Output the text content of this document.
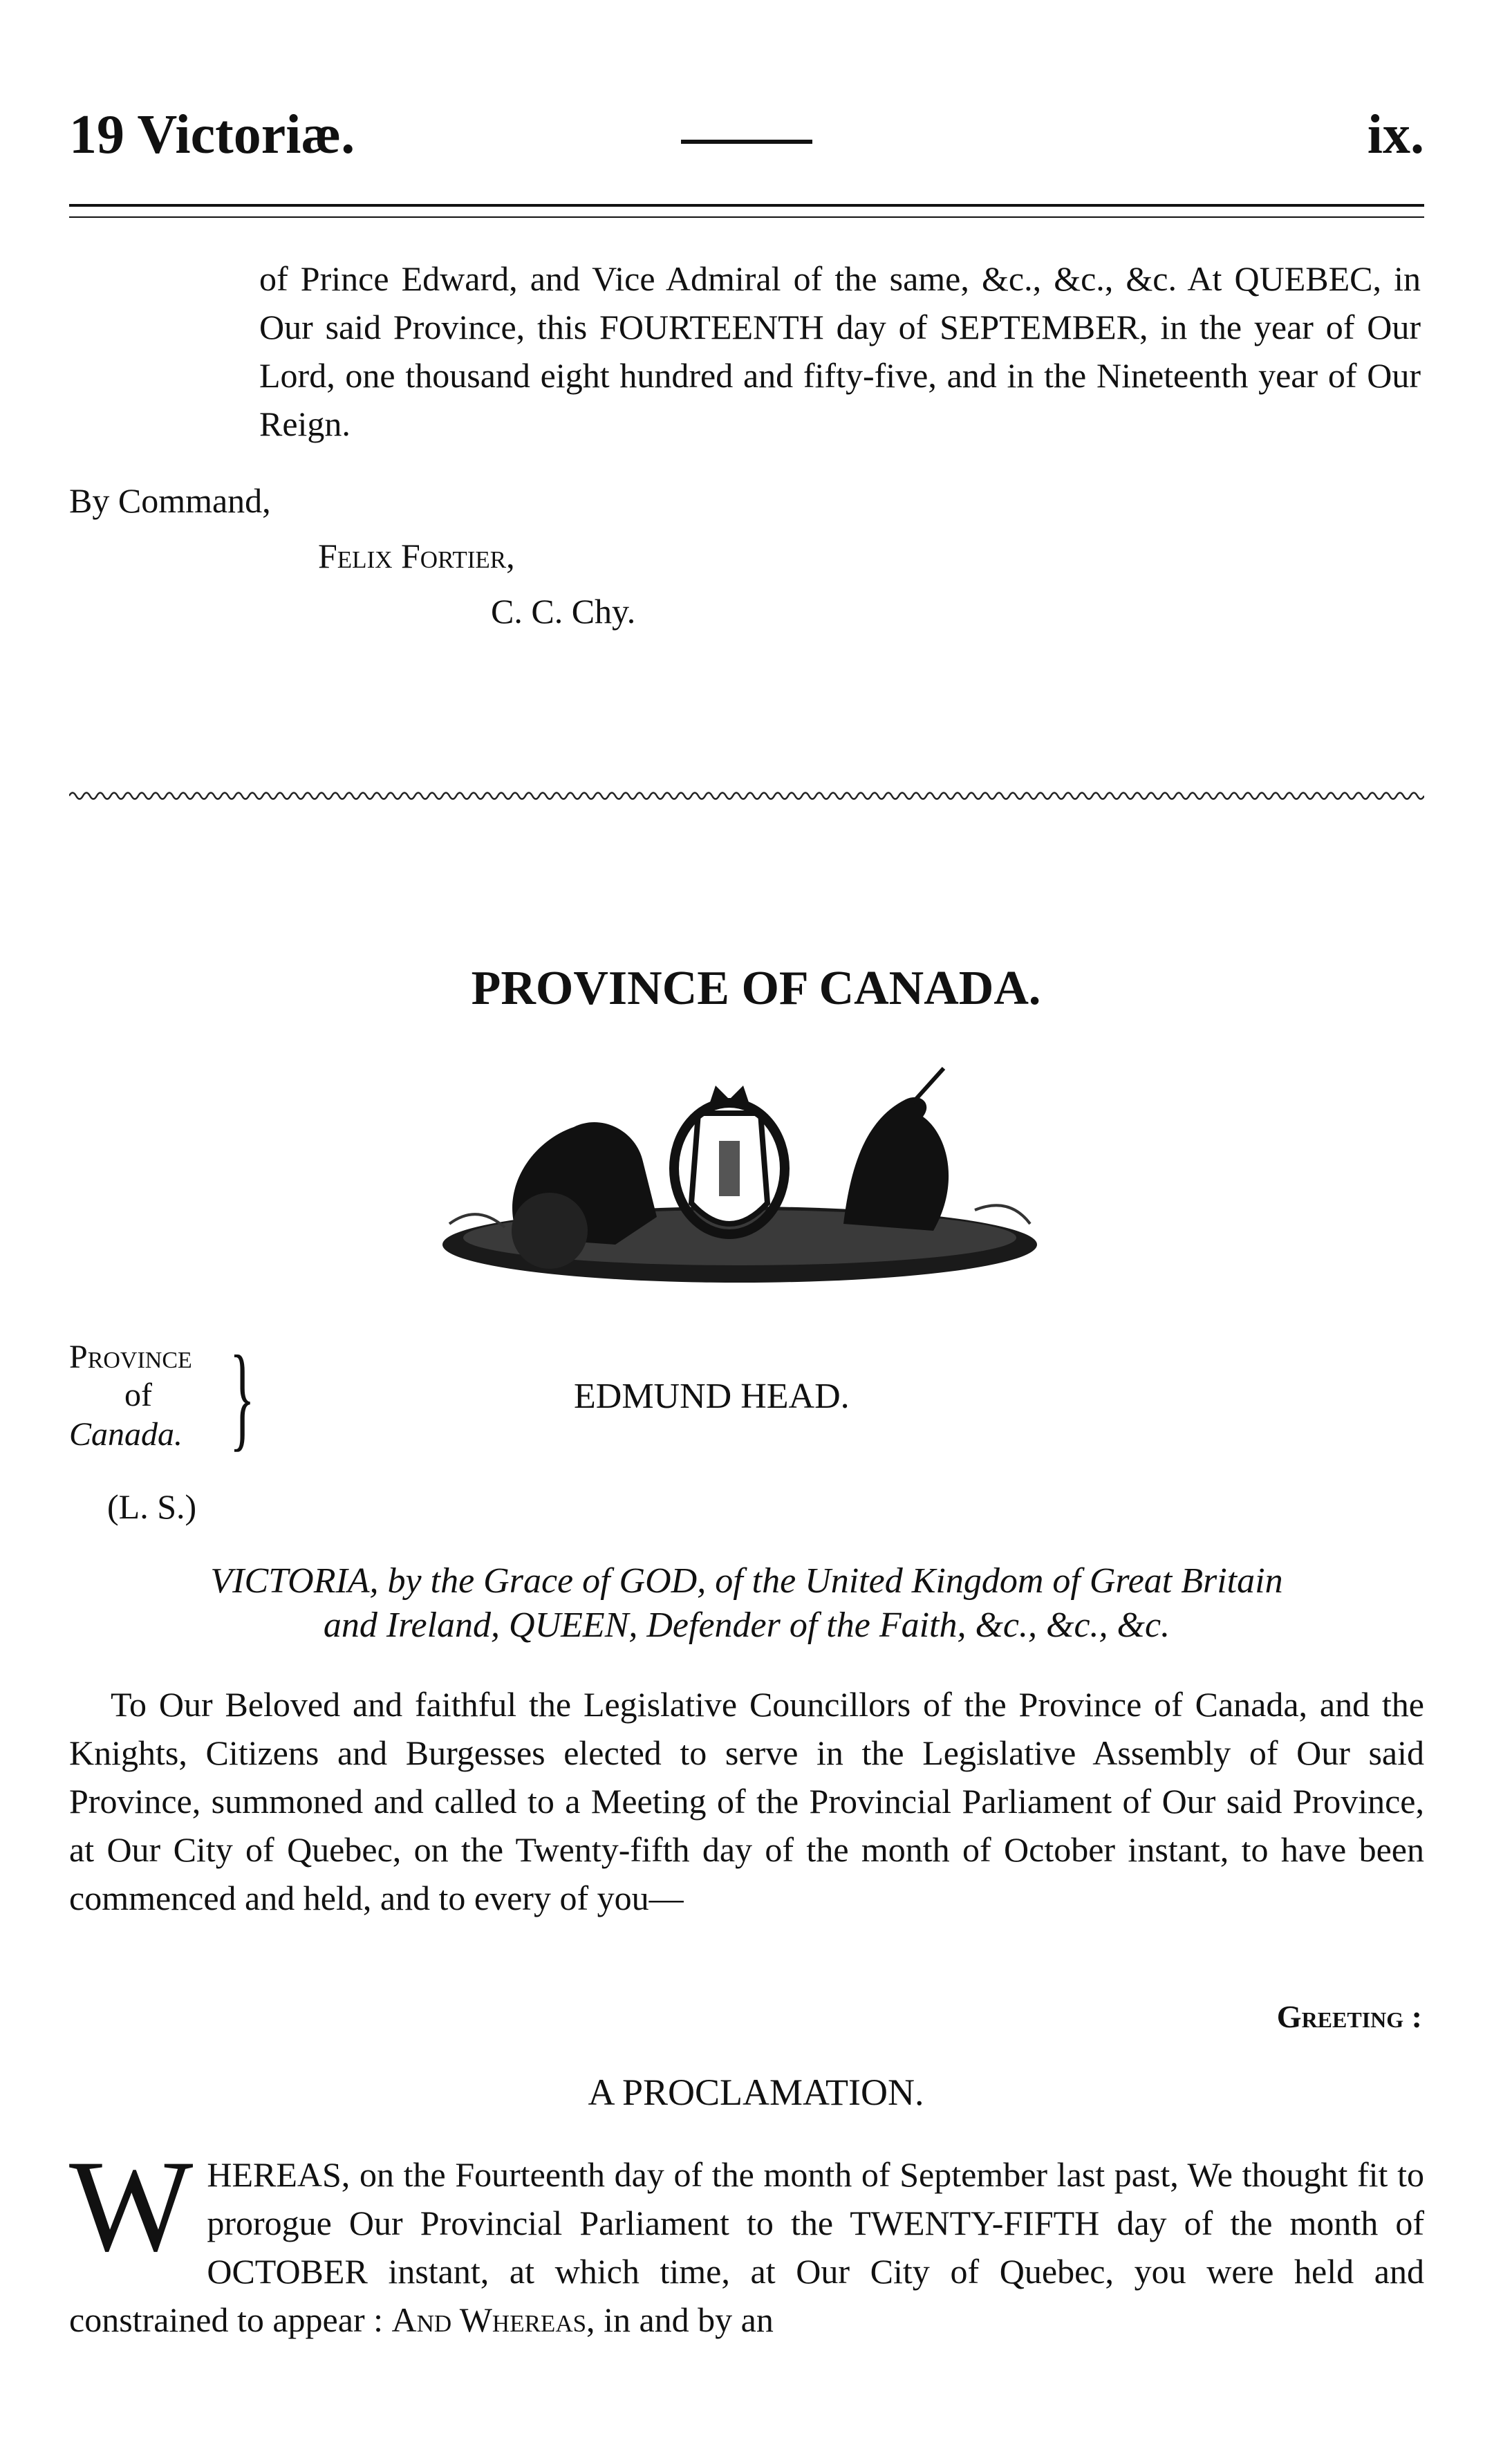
19 Victoriæ.	ix.
of Prince Edward, and Vice Admiral of the same, &c., &c., &c. At QUEBEC, in Our said Province, this FOURTEENTH day of SEPTEMBER, in the year of Our Lord, one thousand eight hundred and fifty-five, and in the Nineteenth year of Our Reign.
By Command,
Felix Fortier,
C. C. Chy.
PROVINCE OF CANADA.
Province
of
Canada. }	EDMUND HEAD.
(L. S.)
VICTORIA, by the Grace of GOD, of the United Kingdom of Great Britain
and Ireland, QUEEN, Defender of the Faith, &c., &c., &c.

To Our Beloved and faithful the Legislative Councillors of the Province of Canada, and the Knights, Citizens and Burgesses elected to serve in the Legislative Assembly of Our said Province, summoned and called to a Meeting of the Provincial Parliament of Our said Province, at Our City of Quebec, on the Twenty-fifth day of the month of October instant, to have been commenced and held, and to every of you—

Greeting :
A PROCLAMATION.
W HEREAS, on the Fourteenth day of the month of September last past, We thought fit to prorogue Our Provincial Parliament to the TWENTY-FIFTH day of the month of OCTOBER instant, at which time, at Our City of Quebec, you were held and constrained to appear : And Whereas, in and by an
